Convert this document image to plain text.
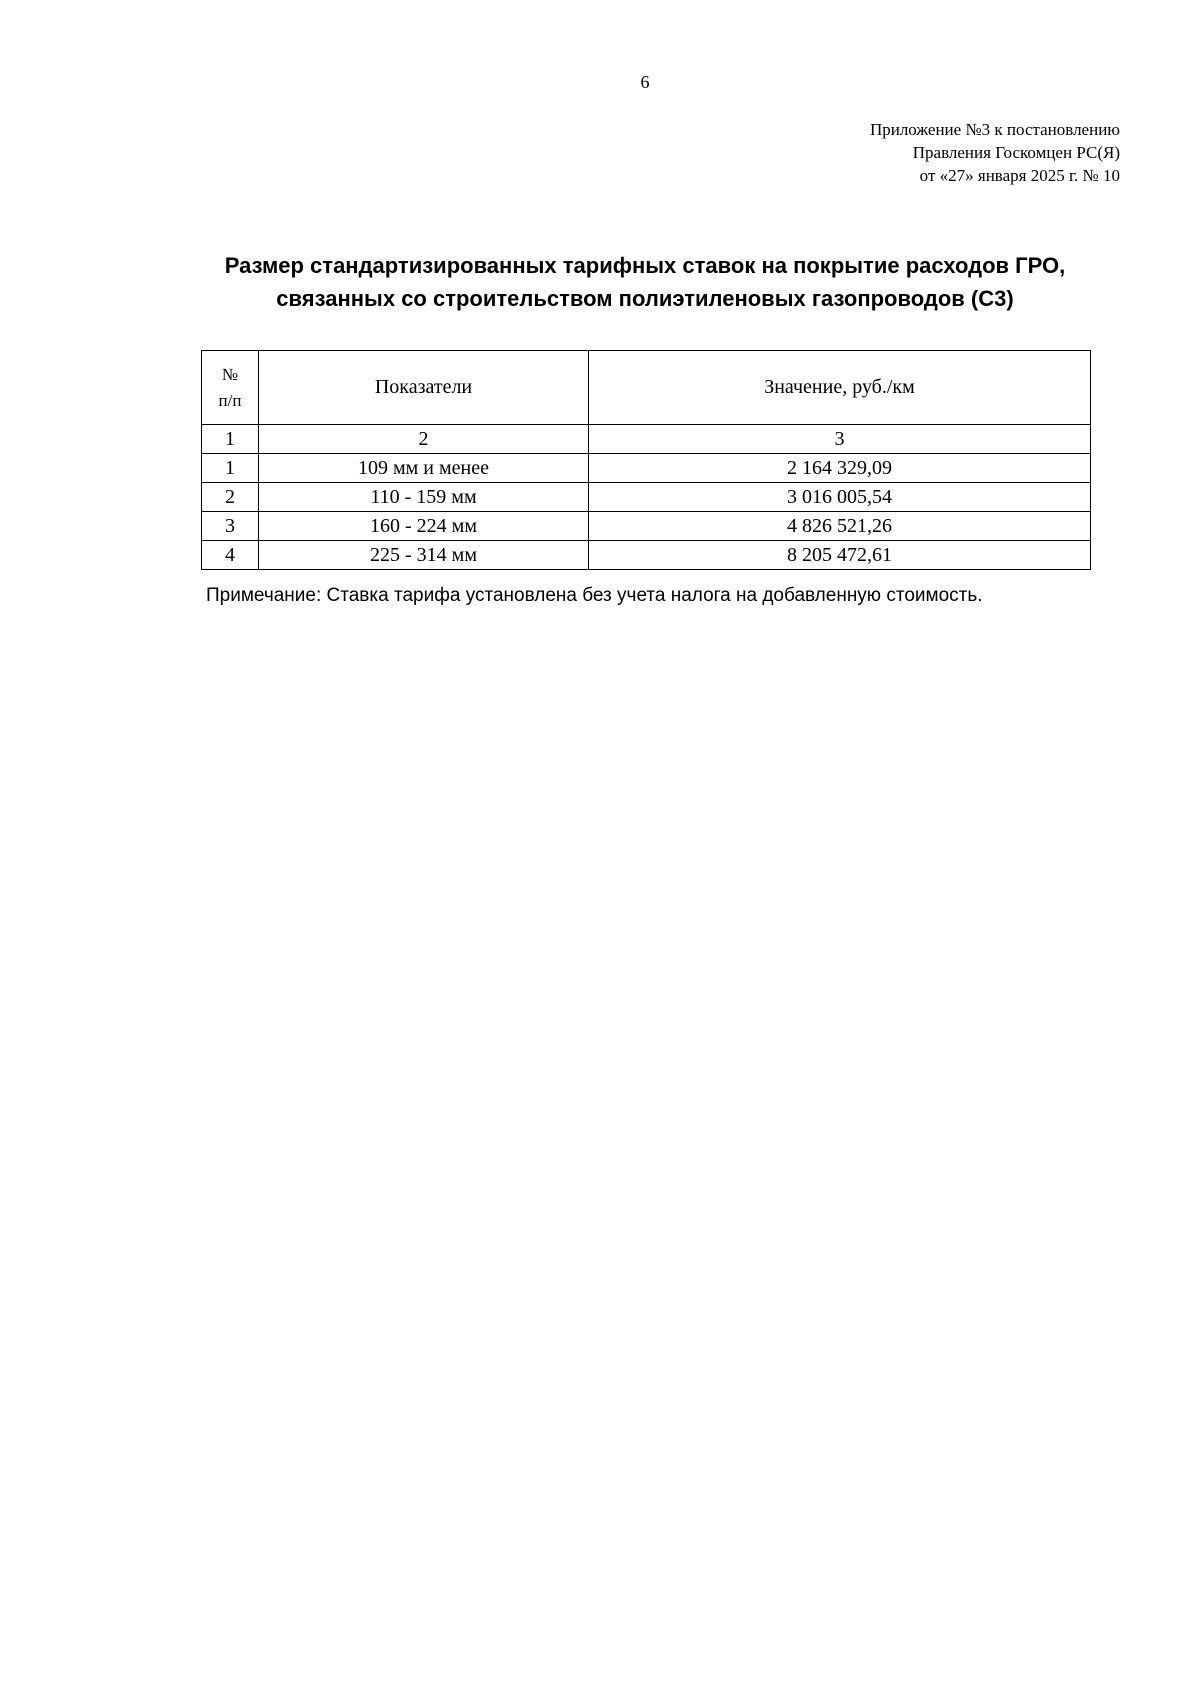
6
Приложение №3 к постановлению
Правления Госкомцен РС(Я)
от «27» января 2025 г. № 10
Размер стандартизированных тарифных ставок на покрытие расходов ГРО,
связанных со строительством полиэтиленовых газопроводов (С3)
№
п/п	Показатели	Значение, руб./км
1	2	3
1	109 мм и менее	2 164 329,09
2	110 - 159 мм	3 016 005,54
3	160 - 224 мм	4 826 521,26
4	225 - 314 мм	8 205 472,61
Примечание: Ставка тарифа установлена без учета налога на добавленную стоимость.
